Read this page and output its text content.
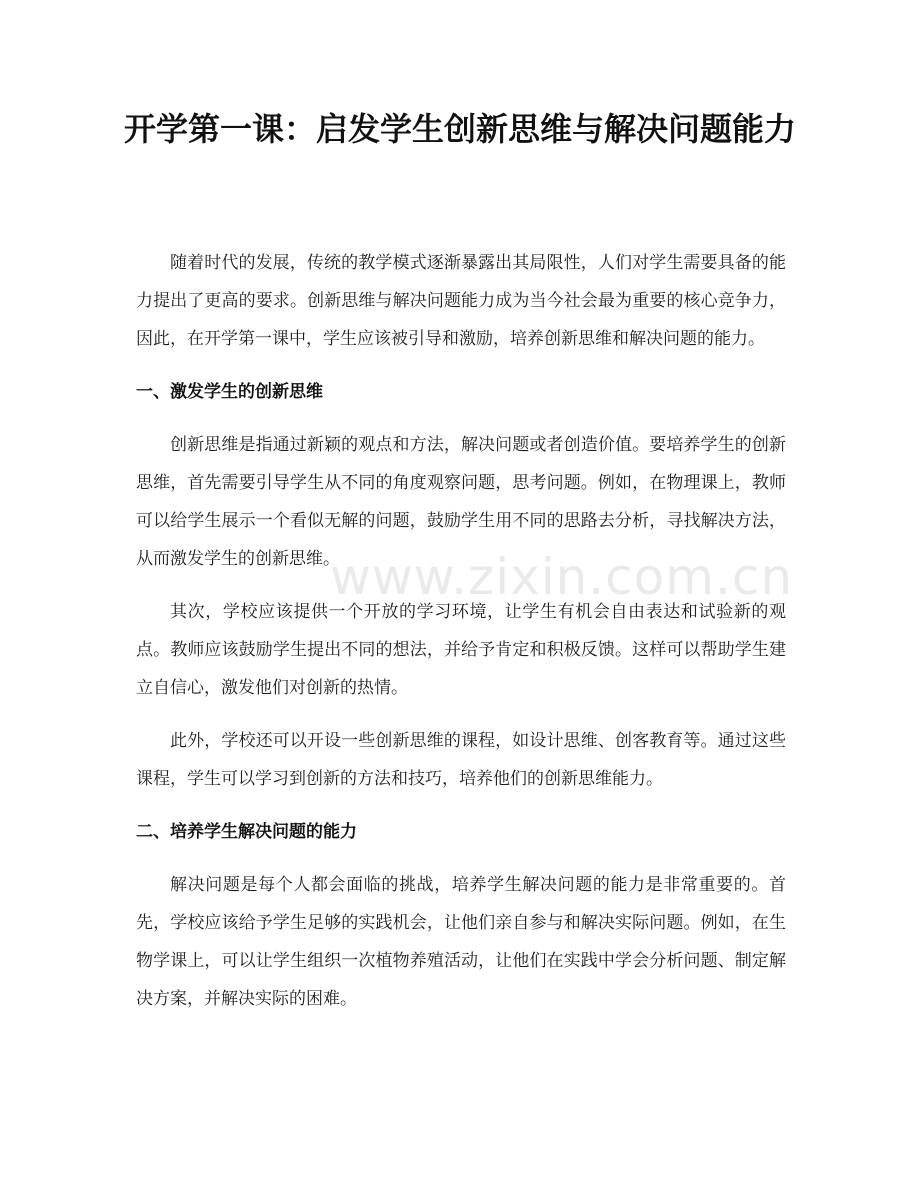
开学第一课：启发学生创新思维与解决问题能力

随着时代的发展，传统的教学模式逐渐暴露出其局限性，人们对学生需要具备的能力提出了更高的要求。创新思维与解决问题能力成为当今社会最为重要的核心竞争力，因此，在开学第一课中，学生应该被引导和激励，培养创新思维和解决问题的能力。

一、激发学生的创新思维

创新思维是指通过新颖的观点和方法，解决问题或者创造价值。要培养学生的创新思维，首先需要引导学生从不同的角度观察问题，思考问题。例如，在物理课上，教师可以给学生展示一个看似无解的问题，鼓励学生用不同的思路去分析，寻找解决方法，从而激发学生的创新思维。

其次，学校应该提供一个开放的学习环境，让学生有机会自由表达和试验新的观点。教师应该鼓励学生提出不同的想法，并给予肯定和积极反馈。这样可以帮助学生建立自信心，激发他们对创新的热情。

此外，学校还可以开设一些创新思维的课程，如设计思维、创客教育等。通过这些课程，学生可以学习到创新的方法和技巧，培养他们的创新思维能力。

二、培养学生解决问题的能力

解决问题是每个人都会面临的挑战，培养学生解决问题的能力是非常重要的。首先，学校应该给予学生足够的实践机会，让他们亲自参与和解决实际问题。例如，在生物学课上，可以让学生组织一次植物养殖活动，让他们在实践中学会分析问题、制定解决方案，并解决实际的困难。

www.zixin.com.cn
